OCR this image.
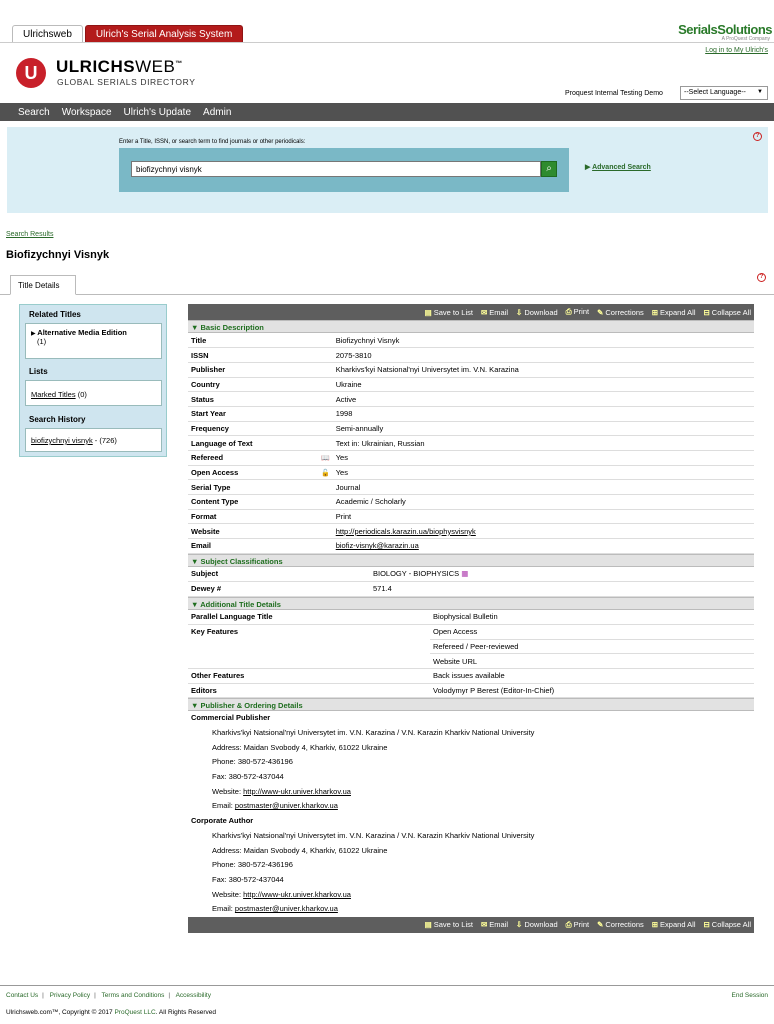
Ulrichsweb	Ulrich's Serial Analysis System	SerialsSolutions
A ProQuest Company
Log in to My Ulrich's
U	ULRICHSWEB™
GLOBAL SERIALS DIRECTORY
Proquest Internal Testing Demo	--Select Language-- ▼
Search Workspace Ulrich's Update Admin
Enter a Title, ISSN, or search term to find journals or other periodicals:
biofizychnyi visnyk
⌕	▶ Advanced Search
?
Search Results
Biofizychnyi Visnyk
Title Details
?
Related Titles
▶ Alternative Media Edition
(1)
Lists
Marked Titles (0)
Search History
biofizychnyi visnyk - (726)
▤ Save to List ✉ Email ⇩ Download ⎙ Print ✎ Corrections ⊞ Expand All ⊟ Collapse All
▼ Basic Description
Title		Biofizychnyi Visnyk
ISSN		2075-3810
Publisher		Kharkivs'kyi Natsional'nyi Universytet im. V.N. Karazina
Country		Ukraine
Status		Active
Start Year		1998
Frequency		Semi-annually
Language of Text		Text in: Ukrainian, Russian
Refereed	📖	Yes
Open Access	🔓	Yes
Serial Type		Journal
Content Type		Academic / Scholarly
Format		Print
Website		http://periodicals.karazin.ua/biophysvisnyk
Email		biofiz-visnyk@karazin.ua
▼ Subject Classifications
Subject	BIOLOGY - BIOPHYSICS ▦
Dewey #	571.4
▼ Additional Title Details
Parallel Language Title	Biophysical Bulletin
Key Features	Open Access
	Refereed / Peer-reviewed
	Website URL
Other Features	Back issues available
Editors	Volodymyr P Berest (Editor-In-Chief)
▼ Publisher & Ordering Details
Commercial Publisher
Kharkivs'kyi Natsional'nyi Universytet im. V.N. Karazina / V.N. Karazin Kharkiv National University
Address: Maidan Svobody 4, Kharkiv, 61022 Ukraine
Phone: 380-572-436196
Fax: 380-572-437044
Website: http://www-ukr.univer.kharkov.ua
Email: postmaster@univer.kharkov.ua
Corporate Author
Kharkivs'kyi Natsional'nyi Universytet im. V.N. Karazina / V.N. Karazin Kharkiv National University
Address: Maidan Svobody 4, Kharkiv, 61022 Ukraine
Phone: 380-572-436196
Fax: 380-572-437044
Website: http://www-ukr.univer.kharkov.ua
Email: postmaster@univer.kharkov.ua
▤ Save to List ✉ Email ⇩ Download ⎙ Print ✎ Corrections ⊞ Expand All ⊟ Collapse All
Contact Us | Privacy Policy | Terms and Conditions | Accessibility	End Session
Ulrichsweb.com™, Copyright © 2017 ProQuest LLC. All Rights Reserved
